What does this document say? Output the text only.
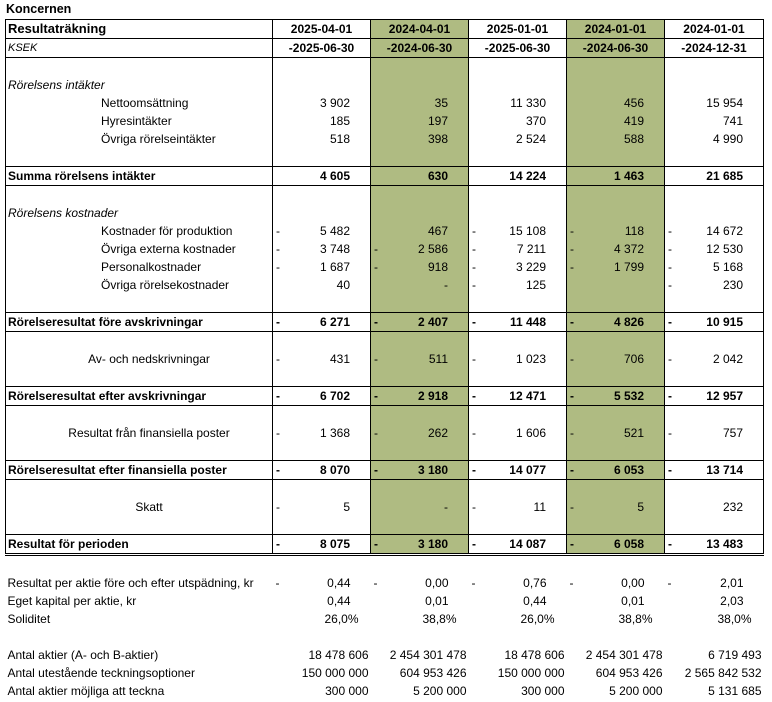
Koncernen
Resultaträkning	2025-04-01	2024-04-01	2025-01-01	2024-01-01	2024-01-01
KSEK	-2025-06-30	-2024-06-30	-2025-06-30	-2024-06-30	-2024-12-31

Rörelsens intäkter					
Nettoomsättning	3 902	35	11 330	456	15 954
Hyresintäkter	185	197	370	419	741
Övriga rörelseintäkter	518	398	2 524	588	4 990

Summa rörelsens intäkter	4 605	630	14 224	1 463	21 685

Rörelsens kostnader					
Kostnader för produktion	- 5 482	467	- 15 108	- 118	- 14 672
Övriga externa kostnader	- 3 748	- 2 586	- 7 211	- 4 372	- 12 530
Personalkostnader	- 1 687	- 918	- 3 229	- 1 799	- 5 168
Övriga rörelsekostnader	40	-	- 125		- 230

Rörelseresultat före avskrivningar	- 6 271	- 2 407	- 11 448	- 4 826	- 10 915

Av- och nedskrivningar	- 431	- 511	- 1 023	- 706	- 2 042

Rörelseresultat efter avskrivningar	- 6 702	- 2 918	- 12 471	- 5 532	- 12 957

Resultat från finansiella poster	- 1 368	- 262	- 1 606	- 521	- 757

Rörelseresultat efter finansiella poster	- 8 070	- 3 180	- 14 077	- 6 053	- 13 714

Skatt	- 5	-	- 11	- 5	232

Resultat för perioden	- 8 075	- 3 180	- 14 087	- 6 058	- 13 483

Resultat per aktie före och efter utspädning, kr	- 0,44	- 0,00	- 0,76	- 0,00	- 2,01
Eget kapital per aktie, kr	0,44	0,01	0,44	0,01	2,03
Soliditet	26,0%	38,8%	26,0%	38,8%	38,0%

Antal aktier (A- och B-aktier)	18 478 606	2 454 301 478	18 478 606	2 454 301 478	6 719 493
Antal utestående teckningsoptioner	150 000 000	604 953 426	150 000 000	604 953 426	2 565 842 532
Antal aktier möjliga att teckna	300 000	5 200 000	300 000	5 200 000	5 131 685
